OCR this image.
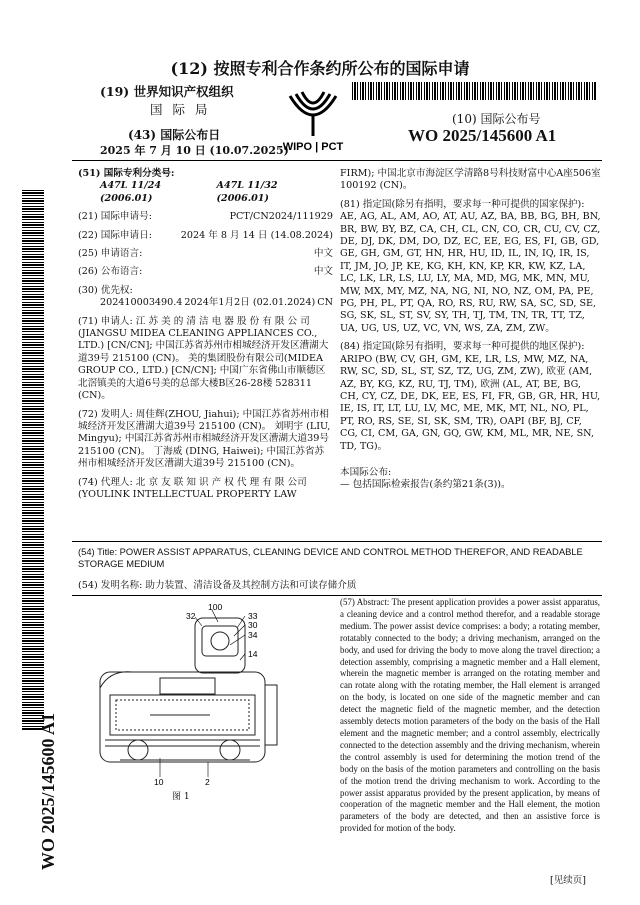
(12) 按照专利合作条约所公布的国际申请
(19) 世界知识产权组织
国 际 局
(43) 国际公布日
2025 年 7 月 10 日 (10.07.2025)
(10) 国际公布号
WO 2025/145600 A1
WIPO | PCT
(51) 国际专利分类号:
A47L 11/24 (2006.01)
A47L 11/32 (2006.01)
(21) 国际申请号:	PCT/CN2024/111929
(22) 国际申请日:	2024 年 8 月 14 日 (14.08.2024)
(25) 申请语言:	中文
(26) 公布语言:	中文
(30) 优先权:
202410003490.4 2024年1月2日 (02.01.2024) CN
(71) 申请人: 江 苏 美 的 清 洁 电 器 股 份 有 限 公 司 (JIANGSU MIDEA CLEANING APPLIANCES CO., LTD.) [CN/CN]; 中国江苏省苏州市相城经济开发区漕湖大道39号 215100 (CN)。 美的集团股份有限公司(MIDEA GROUP CO., LTD.) [CN/CN]; 中国广东省佛山市顺德区北滘镇美的大道6号美的总部大楼B区26-28楼 528311 (CN)。
(72) 发明人: 周佳辉(ZHOU, Jiahui); 中国江苏省苏州市相城经济开发区漕湖大道39号 215100 (CN)。 刘明宇 (LIU, Mingyu); 中国江苏省苏州市相城经济开发区漕湖大道39号 215100 (CN)。 丁海威 (DING, Haiwei); 中国江苏省苏州市相城经济开发区漕湖大道39号 215100 (CN)。
(74) 代理人: 北 京 友 联 知 识 产 权 代 理 有 限 公司(YOULINK INTELLECTUAL PROPERTY LAW
FIRM); 中国北京市海淀区学清路8号科技财富中心A座506室 100192 (CN)。
(81) 指定国(除另有指明，要求每一种可提供的国家保护): AE, AG, AL, AM, AO, AT, AU, AZ, BA, BB, BG, BH, BN, BR, BW, BY, BZ, CA, CH, CL, CN, CO, CR, CU, CV, CZ, DE, DJ, DK, DM, DO, DZ, EC, EE, EG, ES, FI, GB, GD, GE, GH, GM, GT, HN, HR, HU, ID, IL, IN, IQ, IR, IS, IT, JM, JO, JP, KE, KG, KH, KN, KP, KR, KW, KZ, LA, LC, LK, LR, LS, LU, LY, MA, MD, MG, MK, MN, MU, MW, MX, MY, MZ, NA, NG, NI, NO, NZ, OM, PA, PE, PG, PH, PL, PT, QA, RO, RS, RU, RW, SA, SC, SD, SE, SG, SK, SL, ST, SV, SY, TH, TJ, TM, TN, TR, TT, TZ, UA, UG, US, UZ, VC, VN, WS, ZA, ZM, ZW。
(84) 指定国(除另有指明，要求每一种可提供的地区保护): ARIPO (BW, CV, GH, GM, KE, LR, LS, MW, MZ, NA, RW, SC, SD, SL, ST, SZ, TZ, UG, ZM, ZW), 欧亚 (AM, AZ, BY, KG, KZ, RU, TJ, TM), 欧洲 (AL, AT, BE, BG, CH, CY, CZ, DE, DK, EE, ES, FI, FR, GB, GR, HR, HU, IE, IS, IT, LT, LU, LV, MC, ME, MK, MT, NL, NO, PL, PT, RO, RS, SE, SI, SK, SM, TR), OAPI (BF, BJ, CF, CG, CI, CM, GA, GN, GQ, GW, KM, ML, MR, NE, SN, TD, TG)。
本国际公布:
— 包括国际检索报告(条约第21条(3))。
(54) Title: POWER ASSIST APPARATUS, CLEANING DEVICE AND CONTROL METHOD THEREFOR, AND READABLE STORAGE MEDIUM
(54) 发明名称: 助力装置、清洁设备及其控制方法和可读存储介质
100
32	33
30
34
14
10	2
图 1
(57) Abstract: The present application provides a power assist apparatus, a cleaning device and a control method therefor, and a readable storage medium. The power assist device comprises: a body; a rotating member, rotatably connected to the body; a driving mechanism, arranged on the body, and used for driving the body to move along the travel direction; a detection assembly, comprising a magnetic member and a Hall element, wherein the magnetic member is arranged on the rotating member and can rotate along with the rotating member, the Hall element is arranged on the body, is located on one side of the magnetic member and can detect the magnetic field of the magnetic member, and the detection assembly detects motion parameters of the body on the basis of the Hall element and the magnetic member; and a control assembly, electrically connected to the detection assembly and the driving mechanism, wherein the control assembly is used for determining the motion trend of the body on the basis of the motion parameters and controlling on the basis of the motion trend the driving mechanism to work. According to the power assist apparatus provided by the present application, by means of cooperation of the magnetic member and the Hall element, the motion parameters of the body are detected, and then an assistive force is provided for motion of the body.
WO 2025/145600 A1
[见续页]
